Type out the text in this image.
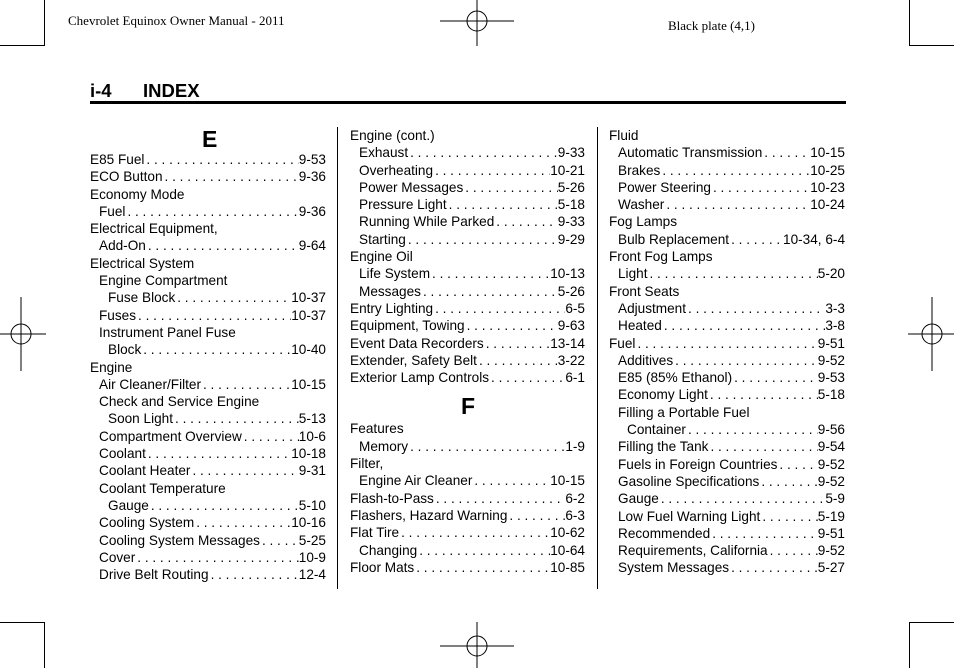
Chevrolet Equinox Owner Manual - 2011	Black plate (4,1)
i-4 INDEX
E
E85 Fuel . . .	9-53
ECO Button . . .	9-36
Economy Mode
Fuel . . .	9-36
Electrical Equipment,
Add-On . . .	9-64
Electrical System
Engine Compartment
Fuse Block . . .	10-37
Fuses . . .	10-37
Instrument Panel Fuse
Block . . .	10-40
Engine
Air Cleaner/Filter . . .	10-15
Check and Service Engine
Soon Light . . .	5-13
Compartment Overview . . .	10-6
Coolant . . .	10-18
Coolant Heater . . .	9-31
Coolant Temperature
Gauge . . .	5-10
Cooling System . . .	10-16
Cooling System Messages . . .	5-25
Cover . . .	10-9
Drive Belt Routing . . .	12-4
Engine (cont.)
Exhaust . . .	9-33
Overheating . . .	10-21
Power Messages . . .	5-26
Pressure Light . . .	5-18
Running While Parked . . .	9-33
Starting . . .	9-29
Engine Oil
Life System . . .	10-13
Messages . . .	5-26
Entry Lighting . . .	6-5
Equipment, Towing . . .	9-63
Event Data Recorders . . .	13-14
Extender, Safety Belt . . .	3-22
Exterior Lamp Controls . . .	6-1
F
Features
Memory . . .	1-9
Filter,
Engine Air Cleaner . . .	10-15
Flash-to-Pass . . .	6-2
Flashers, Hazard Warning . . .	6-3
Flat Tire . . .	10-62
Changing . . .	10-64
Floor Mats . . .	10-85
Fluid
Automatic Transmission . . .	10-15
Brakes . . .	10-25
Power Steering . . .	10-23
Washer . . .	10-24
Fog Lamps
Bulb Replacement . . .	10-34, 6-4
Front Fog Lamps
Light . . .	5-20
Front Seats
Adjustment . . .	3-3
Heated . . .	3-8
Fuel . . .	9-51
Additives . . .	9-52
E85 (85% Ethanol) . . .	9-53
Economy Light . . .	5-18
Filling a Portable Fuel
Container . . .	9-56
Filling the Tank . . .	9-54
Fuels in Foreign Countries . . .	9-52
Gasoline Specifications . . .	9-52
Gauge . . .	5-9
Low Fuel Warning Light . . .	5-19
Recommended . . .	9-51
Requirements, California . . .	9-52
System Messages . . .	5-27
